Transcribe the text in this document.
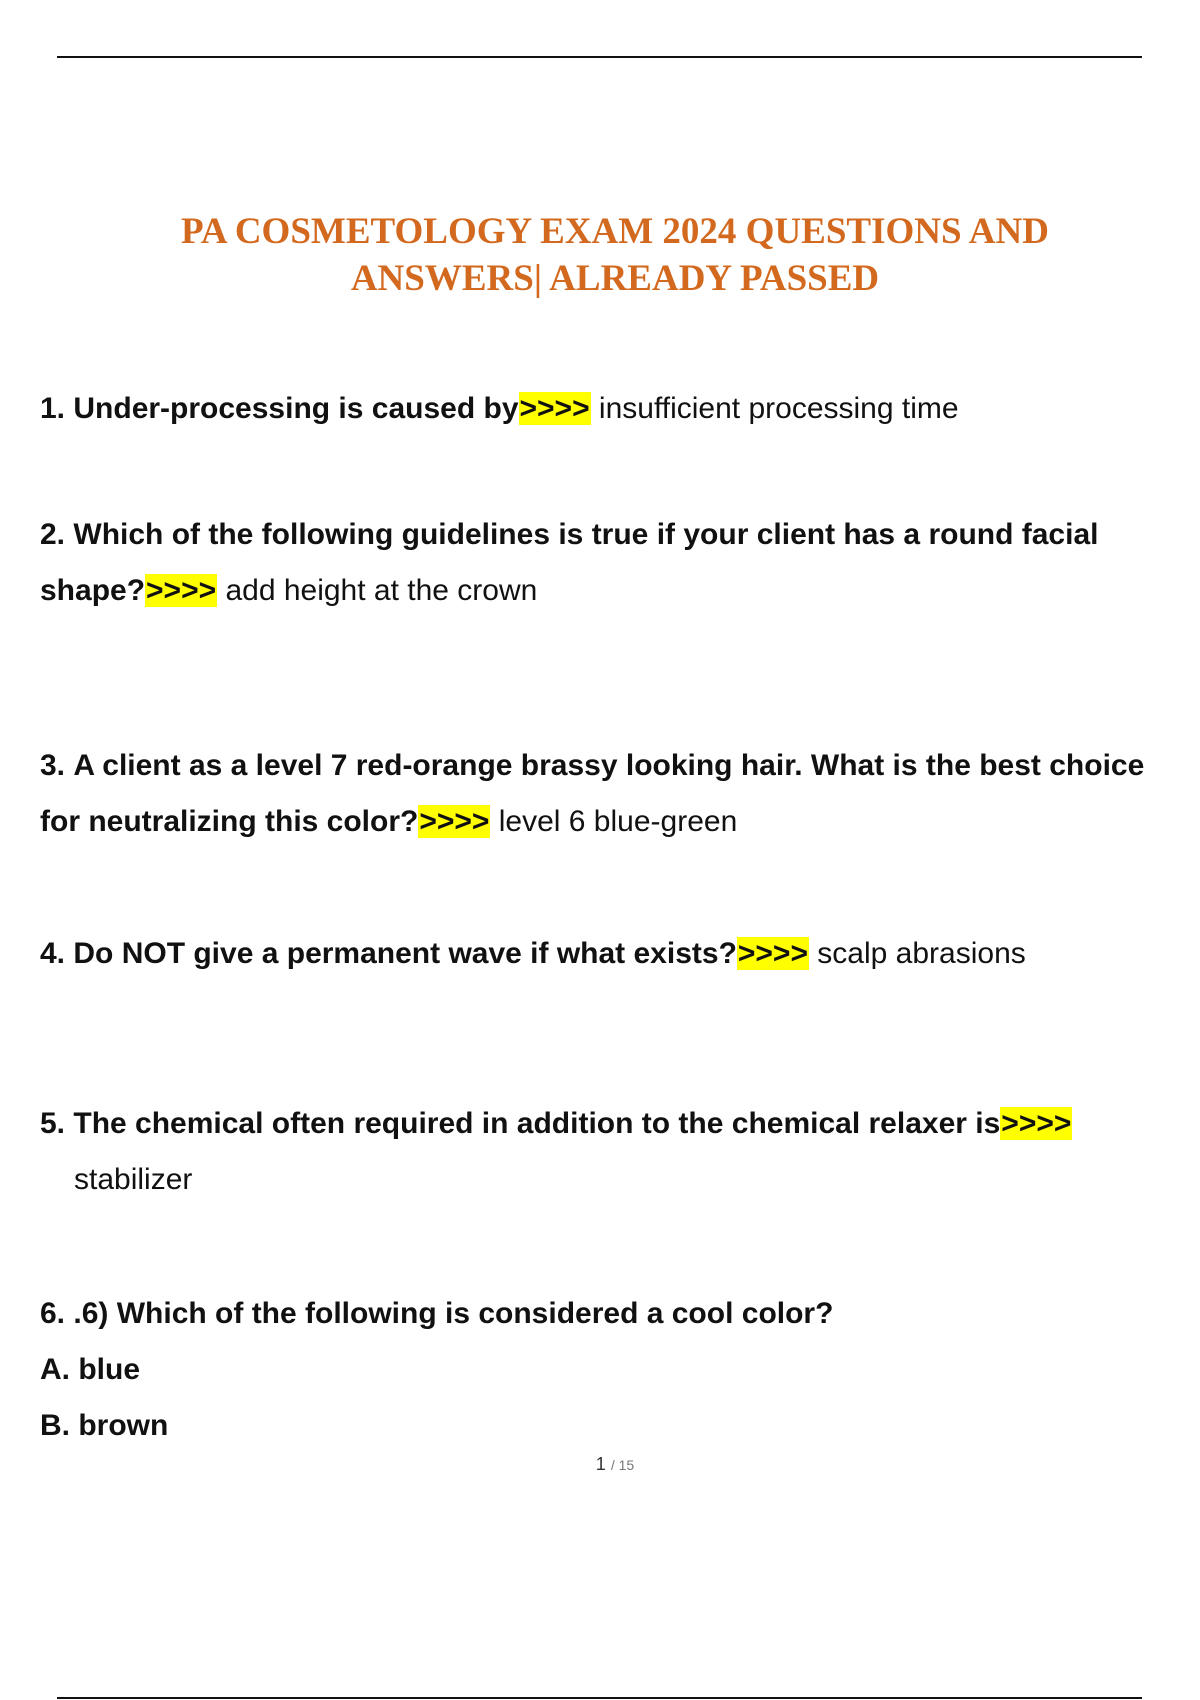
PA COSMETOLOGY EXAM 2024 QUESTIONS AND
ANSWERS| ALREADY PASSED
1. Under-processing is caused by>>>> insufficient processing time
2. Which of the following guidelines is true if your client has a round facial shape?>>>> add height at the crown
3. A client as a level 7 red-orange brassy looking hair. What is the best choice for neutralizing this color?>>>> level 6 blue-green
4. Do NOT give a permanent wave if what exists?>>>> scalp abrasions
5. The chemical often required in addition to the chemical relaxer is>>>>
stabilizer
6. .6) Which of the following is considered a cool color?
A. blue
B. brown
1 / 15
